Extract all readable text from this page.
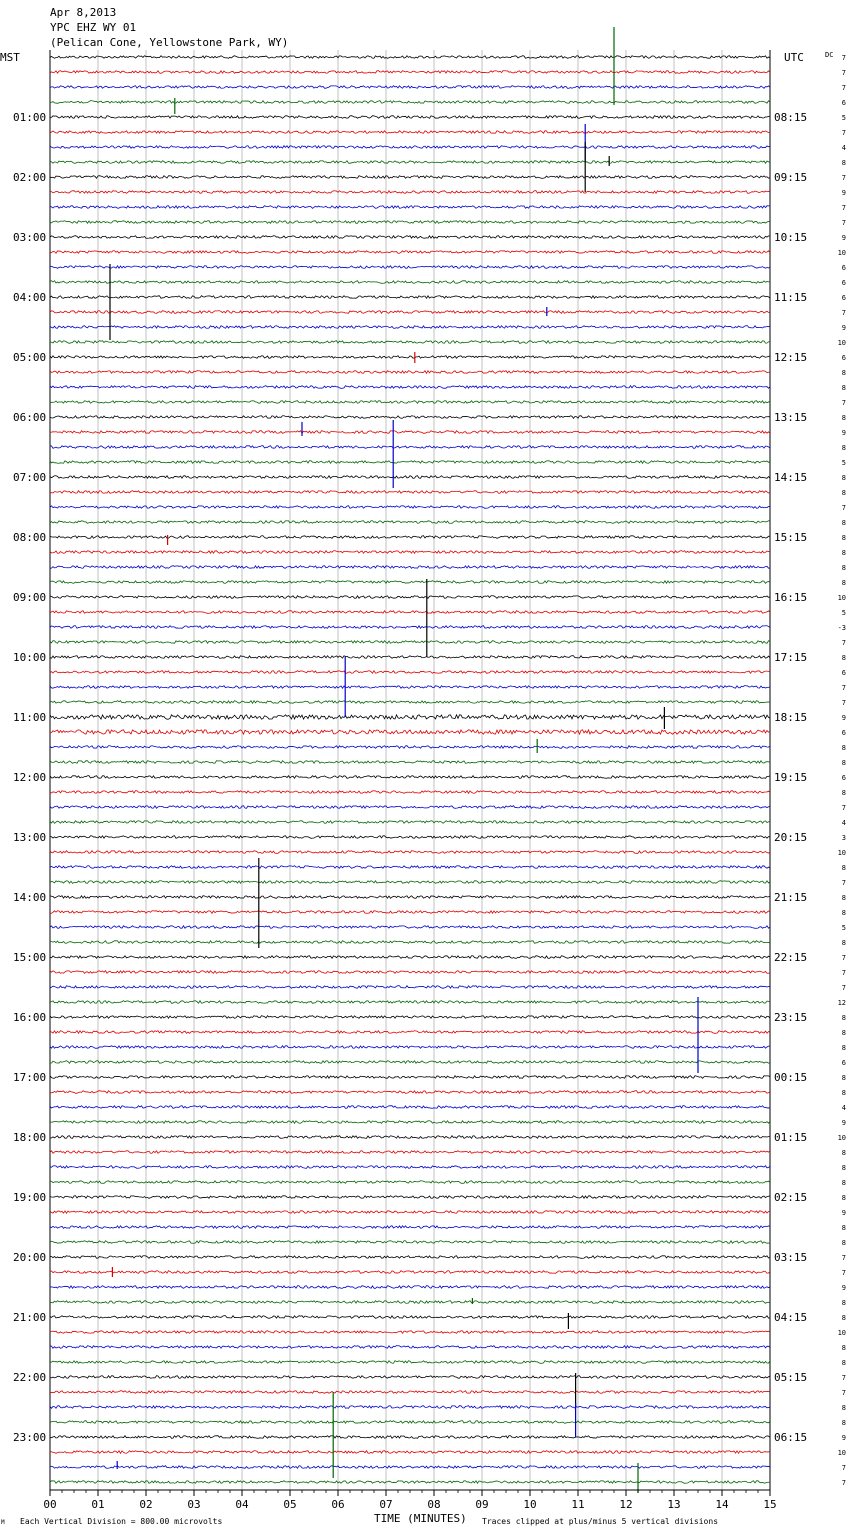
Apr 8,2013
YPC EHZ WY 01
(Pelican Cone, Yellowstone Park, WY)
MST	UTC	DC
01:00
02:00
03:00
04:00
05:00
06:00
07:00
08:00
09:00
10:00
11:00
12:00
13:00
14:00
15:00
16:00
17:00
18:00
19:00
20:00
21:00
22:00
23:00
08:15
09:15
10:15
11:15
12:15
13:15
14:15
15:15
16:15
17:15
18:15
19:15
20:15
21:15
22:15
23:15
00:15
01:15
02:15
03:15
04:15
05:15
06:15
7
7
7
6
5
7
4
8
7
9
7
7
9
10
6
6
6
7
9
10
6
8
8
7
8
9
8
5
8
8
7
8
8
8
8
8
10
5
-3
7
8
6
7
7
9
6
8
8
6
8
7
4
3
10
8
7
8
8
5
8
7
7
7
12
8
8
8
6
8
8
4
9
10
8
8
8
8
9
8
8
7
7
9
8
8
10
8
8
7
7
8
8
9
10
7
7
00	01	02	03	04	05	06	07	08	09	10	11	12	13	14	15
TIME (MINUTES)
M Each Vertical Division = 800.00 microvolts	Traces clipped at plus/minus 5 vertical divisions
